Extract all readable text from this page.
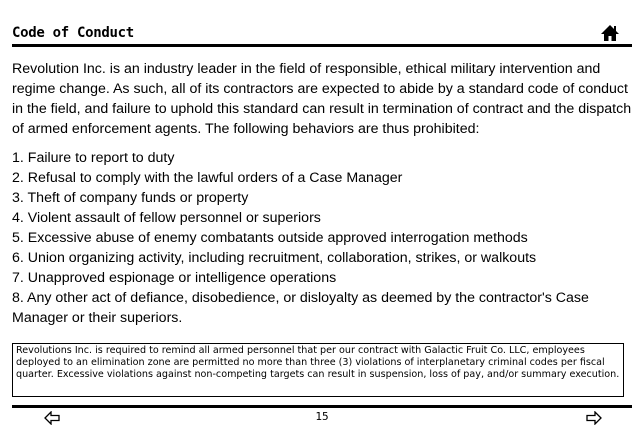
Code of Conduct
Revolution Inc. is an industry leader in the field of responsible, ethical military intervention and regime change. As such, all of its contractors are expected to abide by a standard code of conduct in the field, and failure to uphold this standard can result in termination of contract and the dispatch of armed enforcement agents. The following behaviors are thus prohibited:
1. Failure to report to duty
2. Refusal to comply with the lawful orders of a Case Manager
3. Theft of company funds or property
4. Violent assault of fellow personnel or superiors
5. Excessive abuse of enemy combatants outside approved interrogation methods
6. Union organizing activity, including recruitment, collaboration, strikes, or walkouts
7. Unapproved espionage or intelligence operations
8. Any other act of defiance, disobedience, or disloyalty as deemed by the contractor's Case Manager or their superiors.
Revolutions Inc. is required to remind all armed personnel that per our contract with Galactic Fruit Co. LLC, employees deployed to an elimination zone are permitted no more than three (3) violations of interplanetary criminal codes per fiscal quarter. Excessive violations against non-competing targets can result in suspension, loss of pay, and/or summary execution.
15
